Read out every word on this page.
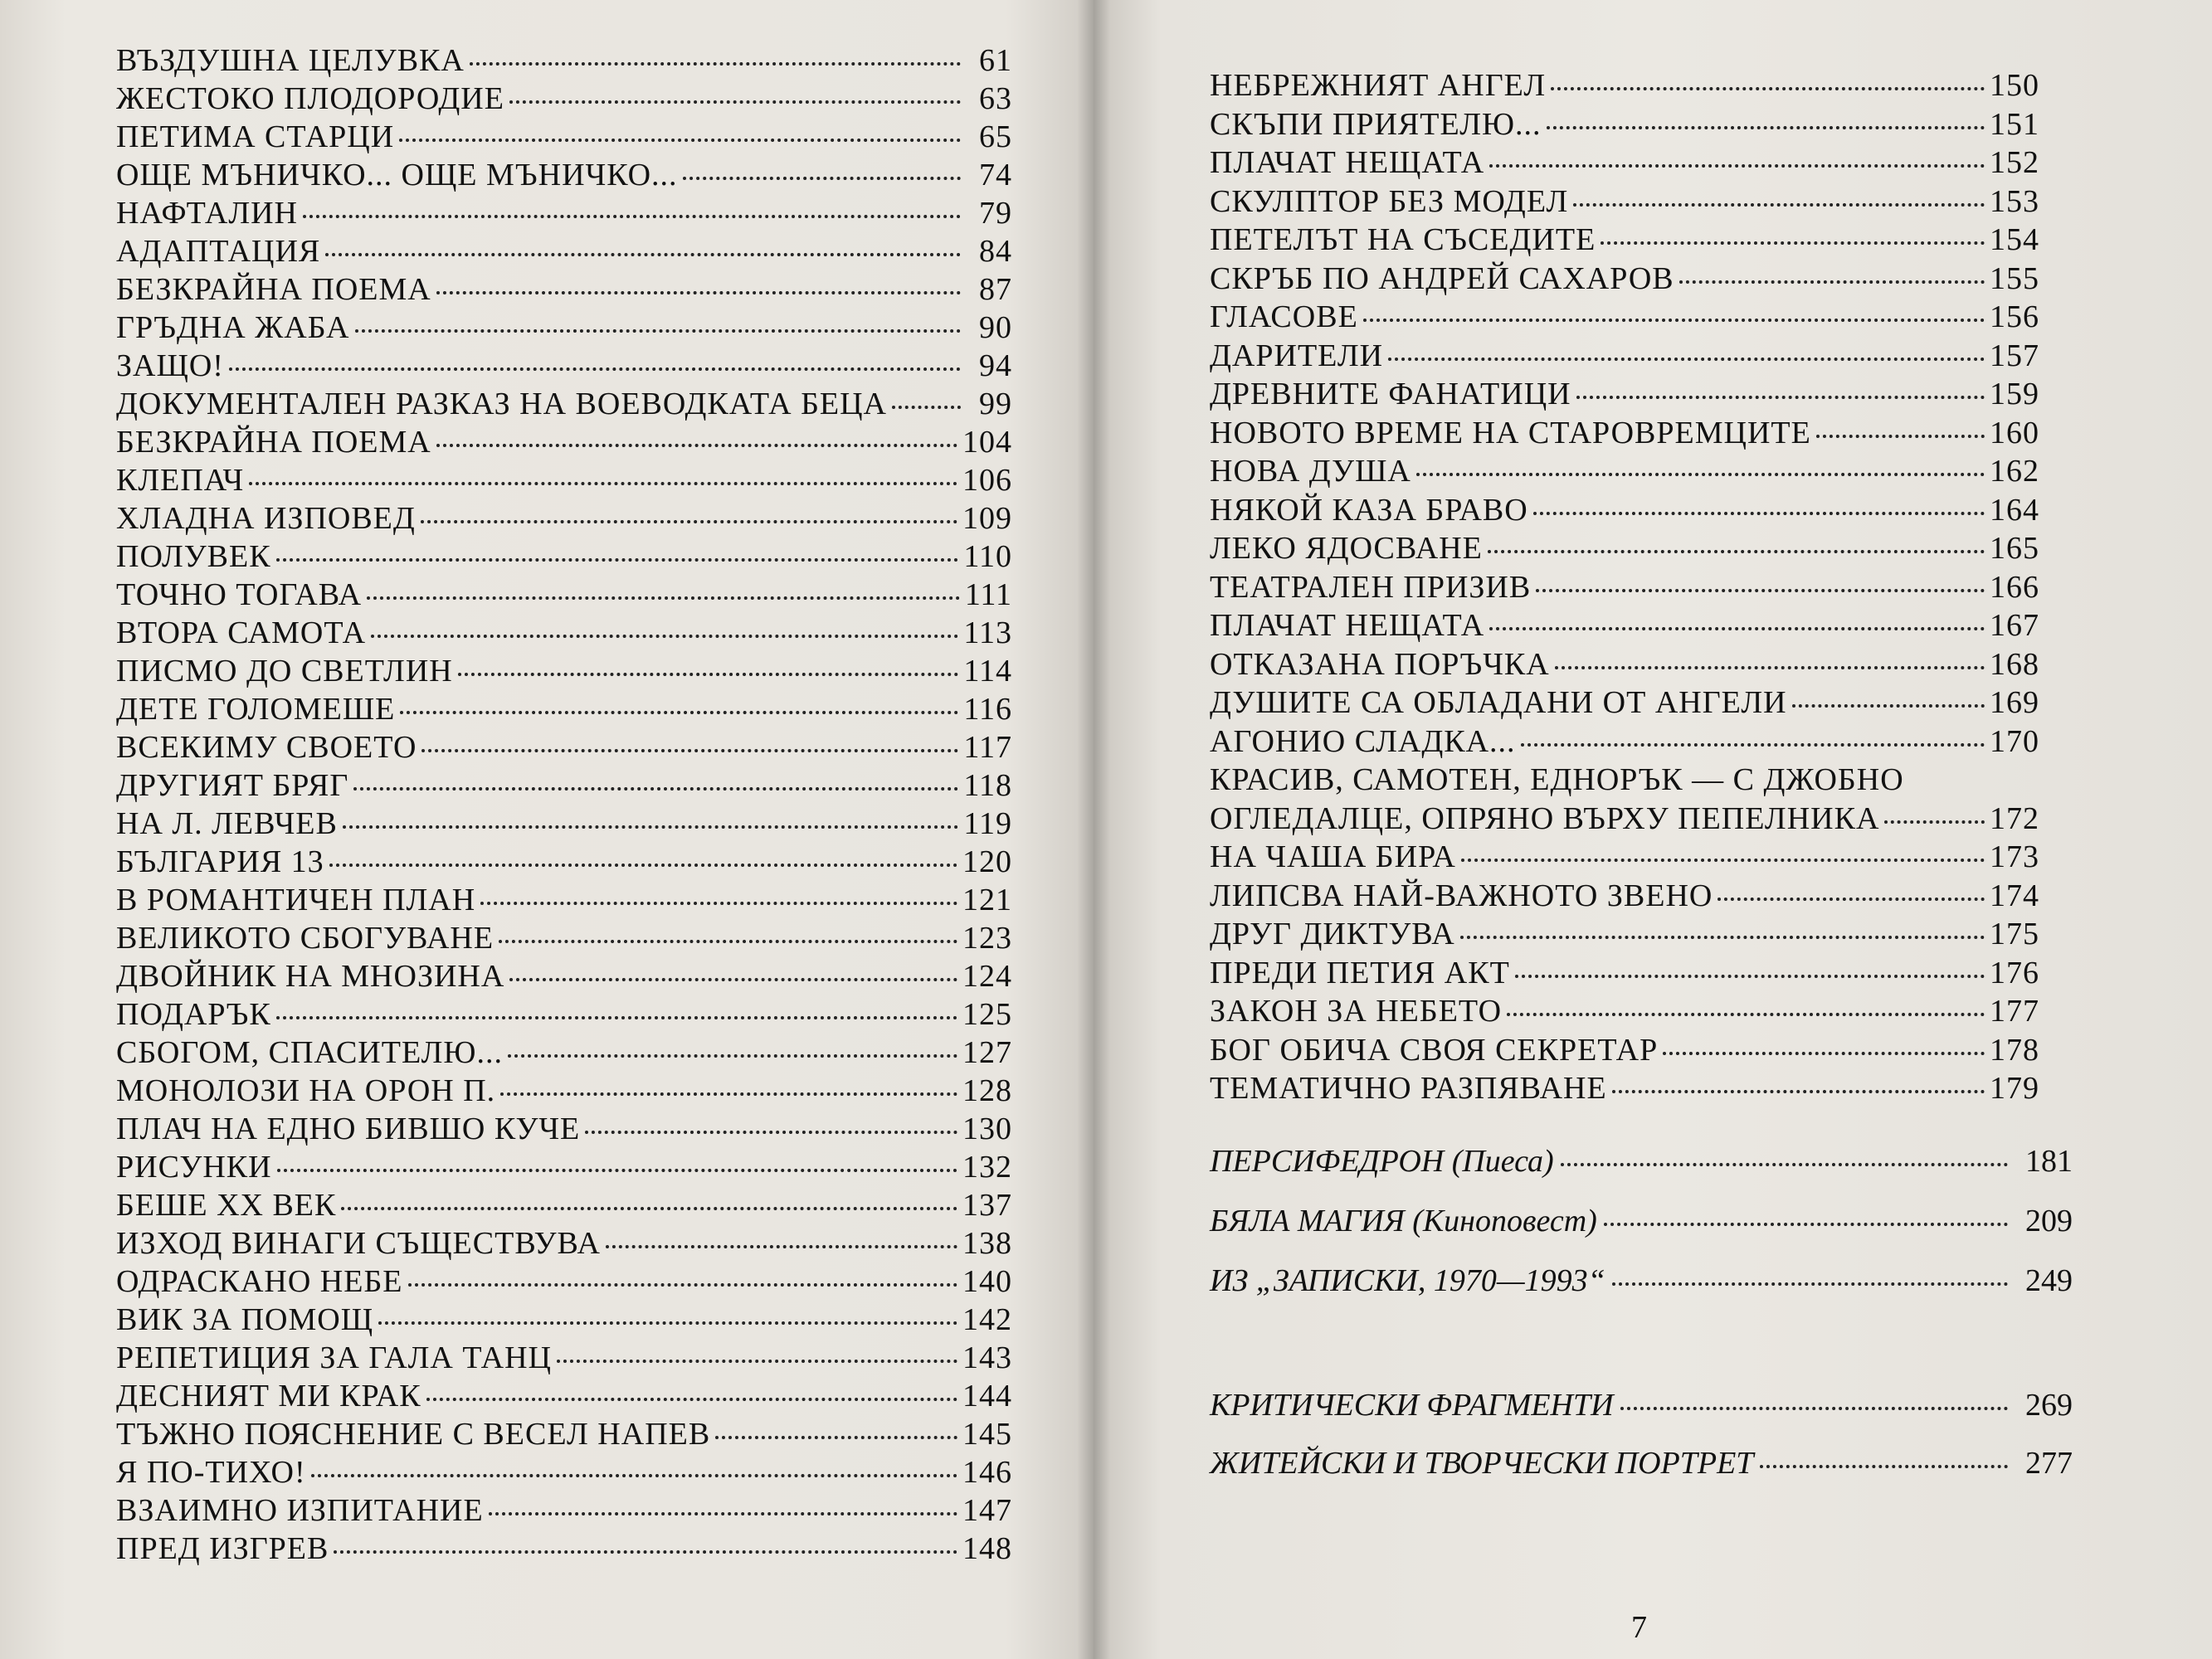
ВЪЗДУШНА ЦЕЛУВКА	61
ЖЕСТОКО ПЛОДОРОДИЕ	63
ПЕТИМА СТАРЦИ	65
ОЩЕ МЪНИЧКО... ОЩЕ МЪНИЧКО...	74
НАФТАЛИН	79
АДАПТАЦИЯ	84
БЕЗКРАЙНА ПОЕМА	87
ГРЪДНА ЖАБА	90
ЗАЩО!	94
ДОКУМЕНТАЛЕН РАЗКАЗ НА ВОЕВОДКАТА БЕЦА	99
БЕЗКРАЙНА ПОЕМА	104
КЛЕПАЧ	106
ХЛАДНА ИЗПОВЕД	109
ПОЛУВЕК	110
ТОЧНО ТОГАВА	111
ВТОРА САМОТА	113
ПИСМО ДО СВЕТЛИН	114
ДЕТЕ ГОЛОМЕШЕ	116
ВСЕКИМУ СВОЕТО	117
ДРУГИЯТ БРЯГ	118
НА Л. ЛЕВЧЕВ	119
БЪЛГАРИЯ 13	120
В РОМАНТИЧЕН ПЛАН	121
ВЕЛИКОТО СБОГУВАНЕ	123
ДВОЙНИК НА МНОЗИНА	124
ПОДАРЪК	125
СБОГОМ, СПАСИТЕЛЮ...	127
МОНОЛОЗИ НА ОРОН П.	128
ПЛАЧ НА ЕДНО БИВШО КУЧЕ	130
РИСУНКИ	132
БЕШЕ XX ВЕК	137
ИЗХОД ВИНАГИ СЪЩЕСТВУВА	138
ОДРАСКАНО НЕБЕ	140
ВИК ЗА ПОМОЩ	142
РЕПЕТИЦИЯ ЗА ГАЛА ТАНЦ	143
ДЕСНИЯТ МИ КРАК	144
ТЪЖНО ПОЯСНЕНИЕ С ВЕСЕЛ НАПЕВ	145
Я ПО-ТИХО!	146
ВЗАИМНО ИЗПИТАНИЕ	147
ПРЕД ИЗГРЕВ	148
НЕБРЕЖНИЯТ АНГЕЛ	150
СКЪПИ ПРИЯТЕЛЮ...	151
ПЛАЧАТ НЕЩАТА	152
СКУЛПТОР БЕЗ МОДЕЛ	153
ПЕТЕЛЪТ НА СЪСЕДИТЕ	154
СКРЪБ ПО АНДРЕЙ САХАРОВ	155
ГЛАСОВЕ	156
ДАРИТЕЛИ	157
ДРЕВНИТЕ ФАНАТИЦИ	159
НОВОТО ВРЕМЕ НА СТАРОВРЕМЦИТЕ	160
НОВА ДУША	162
НЯКОЙ КАЗА БРАВО	164
ЛЕКО ЯДОСВАНЕ	165
ТЕАТРАЛЕН ПРИЗИВ	166
ПЛАЧАТ НЕЩАТА	167
ОТКАЗАНА ПОРЪЧКА	168
ДУШИТЕ СА ОБЛАДАНИ ОТ АНГЕЛИ	169
АГОНИО СЛАДКА...	170
КРАСИВ, САМОТЕН, ЕДНОРЪК — С ДЖОБНО
ОГЛЕДАЛЦЕ, ОПРЯНО ВЪРХУ ПЕПЕЛНИКА	172
НА ЧАША БИРА	173
ЛИПСВА НАЙ-ВАЖНОТО ЗВЕНО	174
ДРУГ ДИКТУВА	175
ПРЕДИ ПЕТИЯ АКТ	176
ЗАКОН ЗА НЕБЕТО	177
БОГ ОБИЧА СВОЯ СЕКРЕТАР	178
ТЕМАТИЧНО РАЗПЯВАНЕ	179
ПЕРСИФЕДРОН (Пиеса)	181
БЯЛА МАГИЯ (Киноповест)	209
ИЗ „ЗАПИСКИ, 1970—1993“	249
КРИТИЧЕСКИ ФРАГМЕНТИ	269
ЖИТЕЙСКИ И ТВОРЧЕСКИ ПОРТРЕТ	277
7
